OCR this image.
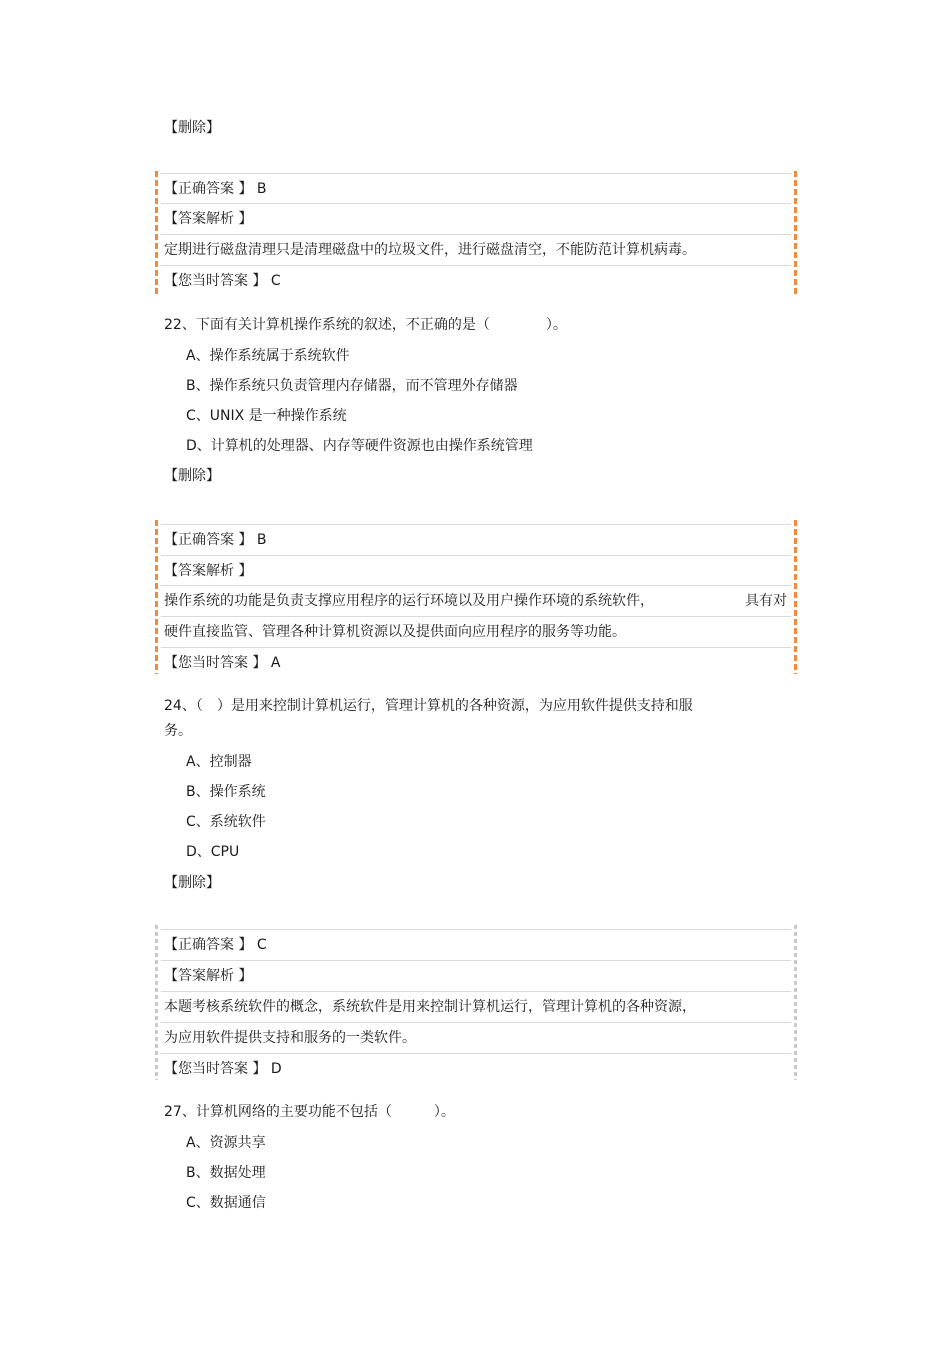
【删除】
【正确答案 】 B
【答案解析 】
定期进行磁盘清理只是清理磁盘中的垃圾文件，进行磁盘清空，不能防范计算机病毒。
【您当时答案 】 C
22、下面有关计算机操作系统的叙述，不正确的是（　　　　）。
A、操作系统属于系统软件
B、操作系统只负责管理内存储器，而不管理外存储器
C、UNIX 是一种操作系统
D、计算机的处理器、内存等硬件资源也由操作系统管理
【删除】
【正确答案 】 B
【答案解析 】
操作系统的功能是负责支撑应用程序的运行环境以及用户操作环境的系统软件，	具有对
硬件直接监管、管理各种计算机资源以及提供面向应用程序的服务等功能。
【您当时答案 】 A
24、（　）是用来控制计算机运行，管理计算机的各种资源，为应用软件提供支持和服
务。
A、控制器
B、操作系统
C、系统软件
D、CPU
【删除】
【正确答案 】 C
【答案解析 】
本题考核系统软件的概念，系统软件是用来控制计算机运行，管理计算机的各种资源，
为应用软件提供支持和服务的一类软件。
【您当时答案 】 D
27、计算机网络的主要功能不包括（　　　）。
A、资源共享
B、数据处理
C、数据通信
